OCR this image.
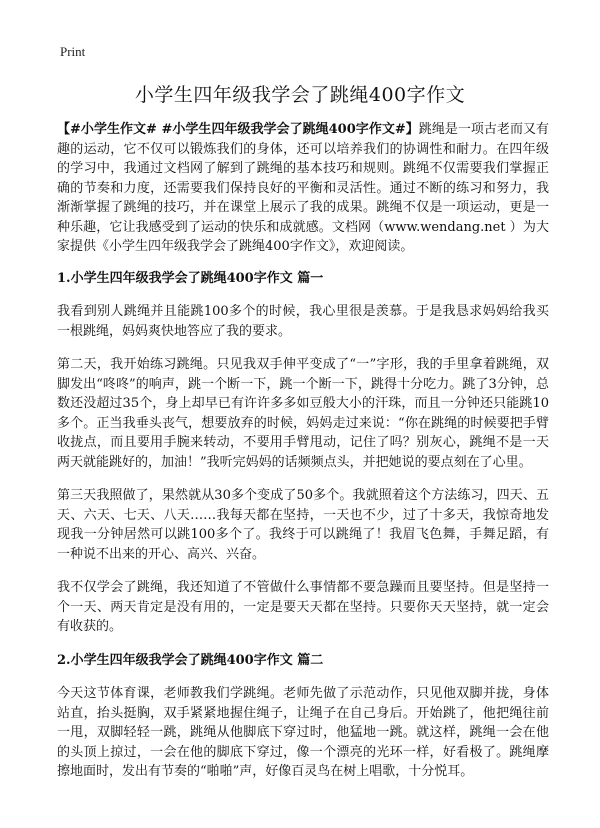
Print
小学生四年级我学会了跳绳400字作文

【#小学生作文# #小学生四年级我学会了跳绳400字作文#】跳绳是一项古老而又有趣的运动，它不仅可以锻炼我们的身体，还可以培养我们的协调性和耐力。在四年级的学习中，我通过文档网了解到了跳绳的基本技巧和规则。跳绳不仅需要我们掌握正确的节奏和力度，还需要我们保持良好的平衡和灵活性。通过不断的练习和努力，我渐渐掌握了跳绳的技巧，并在课堂上展示了我的成果。跳绳不仅是一项运动，更是一种乐趣，它让我感受到了运动的快乐和成就感。文档网（www.wendang.net ）为大家提供《小学生四年级我学会了跳绳400字作文》，欢迎阅读。

1.小学生四年级我学会了跳绳400字作文 篇一

我看到别人跳绳并且能跳100多个的时候，我心里很是羡慕。于是我恳求妈妈给我买一根跳绳，妈妈爽快地答应了我的要求。

第二天，我开始练习跳绳。只见我双手伸平变成了“一”字形，我的手里拿着跳绳，双脚发出“咚咚”的响声，跳一个断一下，跳一个断一下，跳得十分吃力。跳了3分钟，总数还没超过35个，身上却早已有许许多多如豆般大小的汗珠，而且一分钟还只能跳10多个。正当我垂头丧气，想要放弃的时候，妈妈走过来说：“你在跳绳的时候要把手臂收拢点，而且要用手腕来转动，不要用手臂甩动，记住了吗？别灰心，跳绳不是一天两天就能跳好的，加油！”我听完妈妈的话频频点头，并把她说的要点刻在了心里。

第三天我照做了，果然就从30多个变成了50多个。我就照着这个方法练习，四天、五天、六天、七天、八天……我每天都在坚持，一天也不少，过了十多天，我惊奇地发现我一分钟居然可以跳100多个了。我终于可以跳绳了！我眉飞色舞，手舞足蹈，有一种说不出来的开心、高兴、兴奋。

我不仅学会了跳绳，我还知道了不管做什么事情都不要急躁而且要坚持。但是坚持一个一天、两天肯定是没有用的，一定是要天天都在坚持。只要你天天坚持，就一定会有收获的。

2.小学生四年级我学会了跳绳400字作文 篇二

今天这节体育课，老师教我们学跳绳。老师先做了示范动作，只见他双脚并拢，身体站直，抬头挺胸，双手紧紧地握住绳子，让绳子在自己身后。开始跳了，他把绳往前一甩，双脚轻轻一跳，跳绳从他脚底下穿过时，他猛地一跳。就这样，跳绳一会在他的头顶上掠过，一会在他的脚底下穿过，像一个漂亮的光环一样，好看极了。跳绳摩擦地面时，发出有节奏的“啪啪”声，好像百灵鸟在树上唱歌，十分悦耳。
